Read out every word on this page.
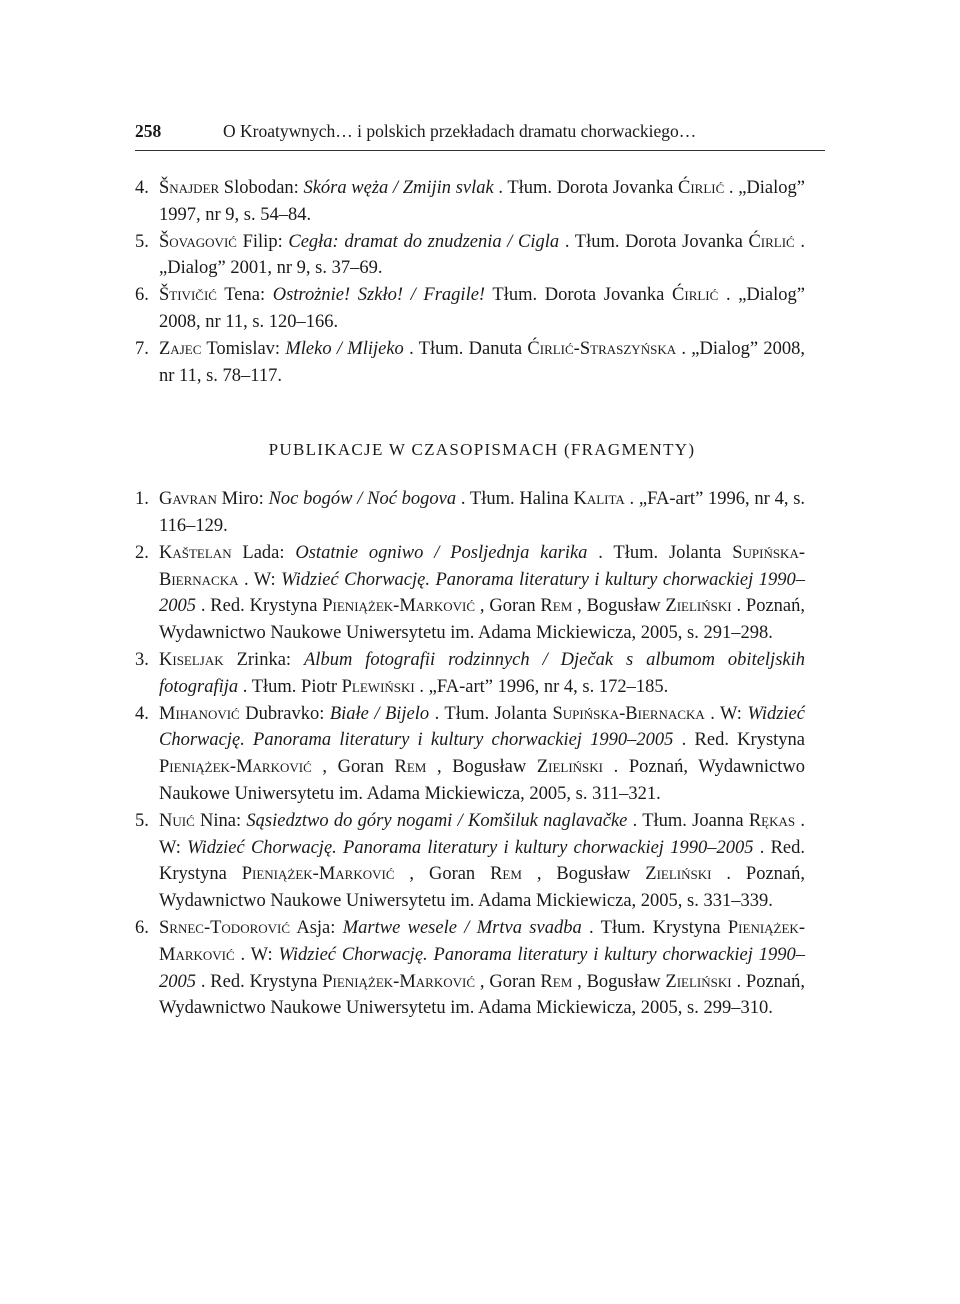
258	O Kroatywnych… i polskich przekładach dramatu chorwackiego…
4. Šnajder Slobodan: Skóra węża / Zmijin svlak . Tłum. Dorota Jovanka Ćirlić . „Dialog” 1997, nr 9, s. 54–84.
5. Šovagović Filip: Cegła: dramat do znudzenia / Cigla . Tłum. Dorota Jovanka Ćirlić . „Dialog” 2001, nr 9, s. 37–69.
6. Štivičić Tena: Ostrożnie! Szkło! / Fragile! Tłum. Dorota Jovanka Ćirlić . „Dialog” 2008, nr 11, s. 120–166.
7. Zajec Tomislav: Mleko / Mlijeko . Tłum. Danuta Ćirlić-Straszyńska . „Dialog” 2008, nr 11, s. 78–117.
PUBLIKACJE W CZASOPISMACH (FRAGMENTY)
1. Gavran Miro: Noc bogów / Noć bogova . Tłum. Halina Kalita . „FA-art” 1996, nr 4, s. 116–129.
2. Kaštelan Lada: Ostatnie ogniwo / Posljednja karika . Tłum. Jolanta Supińska-Biernacka . W: Widzieć Chorwację. Panorama literatury i kultury chorwackiej 1990–2005 . Red. Krystyna Pieniążek-Marković , Goran Rem , Bogusław Zieliński . Poznań, Wydawnictwo Naukowe Uniwersytetu im. Adama Mickiewicza, 2005, s. 291–298.
3. Kiseljak Zrinka: Album fotografii rodzinnych / Dječak s albumom obiteljskih fotografija . Tłum. Piotr Plewiński . „FA-art” 1996, nr 4, s. 172–185.
4. Mihanović Dubravko: Białe / Bijelo . Tłum. Jolanta Supińska-Biernacka . W: Widzieć Chorwację. Panorama literatury i kultury chorwackiej 1990–2005 . Red. Krystyna Pieniążek-Marković , Goran Rem , Bogusław Zieliński . Poznań, Wydawnictwo Naukowe Uniwersytetu im. Adama Mickiewicza, 2005, s. 311–321.
5. Nuić Nina: Sąsiedztwo do góry nogami / Komšiluk naglavačke . Tłum. Joanna Rękas . W: Widzieć Chorwację. Panorama literatury i kultury chorwackiej 1990–2005 . Red. Krystyna Pieniążek-Marković , Goran Rem , Bogusław Zieliński . Poznań, Wydawnictwo Naukowe Uniwersytetu im. Adama Mickiewicza, 2005, s. 331–339.
6. Srnec-Todorović Asja: Martwe wesele / Mrtva svadba . Tłum. Krystyna Pieniążek-Marković . W: Widzieć Chorwację. Panorama literatury i kultury chorwackiej 1990–2005 . Red. Krystyna Pieniążek-Marković , Goran Rem , Bogusław Zieliński . Poznań, Wydawnictwo Naukowe Uniwersytetu im. Adama Mickiewicza, 2005, s. 299–310.
